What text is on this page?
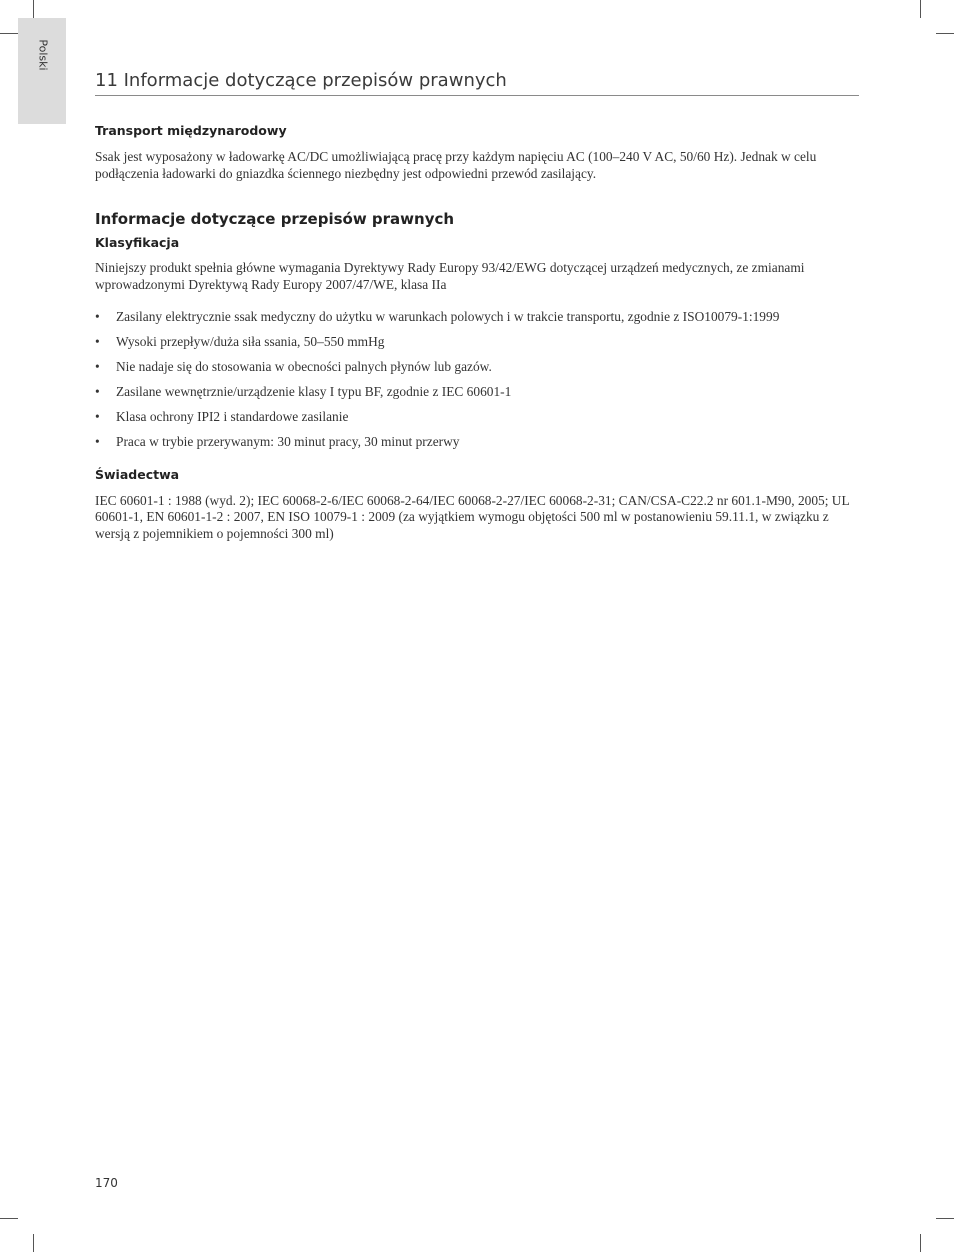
Polski
11 Informacje dotyczące przepisów prawnych
Transport międzynarodowy

Ssak jest wyposażony w ładowarkę AC/DC umożliwiającą pracę przy każdym napięciu AC (100–240 V AC, 50/60 Hz). Jednak w celu podłączenia ładowarki do gniazdka ściennego niezbędny jest odpowiedni przewód zasilający.

Informacje dotyczące przepisów prawnych
Klasyfikacja

Niniejszy produkt spełnia główne wymagania Dyrektywy Rady Europy 93/42/EWG dotyczącej urządzeń medycznych, ze zmianami wprowadzonymi Dyrektywą Rady Europy 2007/47/WE, klasa IIa

• Zasilany elektrycznie ssak medyczny do użytku w warunkach polowych i w trakcie transportu, zgodnie z ISO10079-1:1999
• Wysoki przepływ/duża siła ssania, 50–550 mmHg
• Nie nadaje się do stosowania w obecności palnych płynów lub gazów.
• Zasilane wewnętrznie/urządzenie klasy I typu BF, zgodnie z IEC 60601-1
• Klasa ochrony IPI2 i standardowe zasilanie
• Praca w trybie przerywanym: 30 minut pracy, 30 minut przerwy
Świadectwa

IEC 60601-1 : 1988 (wyd. 2); IEC 60068-2-6/IEC 60068-2-64/IEC 60068-2-27/IEC 60068-2-31; CAN/CSA-C22.2 nr 601.1-M90, 2005; UL 60601-1, EN 60601-1-2 : 2007, EN ISO 10079-1 : 2009 (za wyjątkiem wymogu objętości 500 ml w postanowieniu 59.11.1, w związku z wersją z pojemnikiem o pojemności 300 ml)

170
